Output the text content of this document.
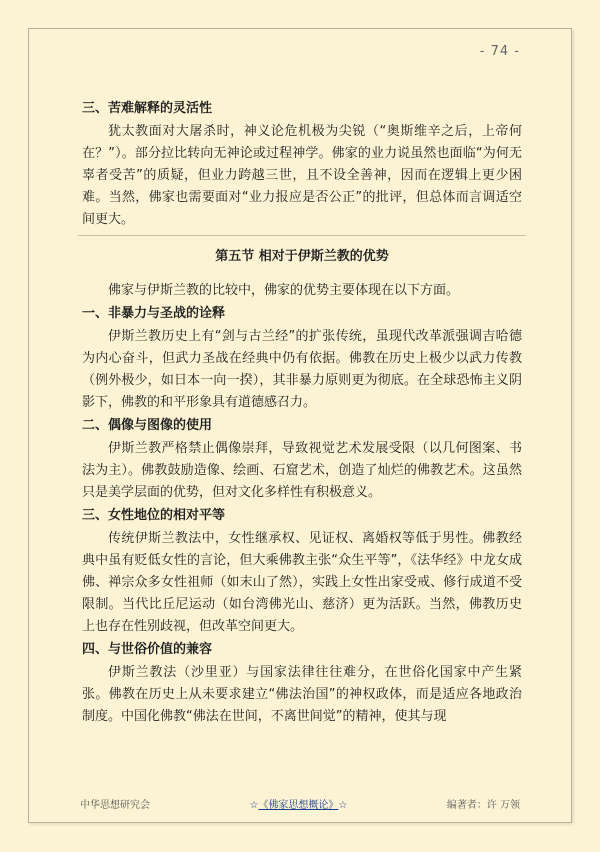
- 74 -

三、苦难解释的灵活性

犹太教面对大屠杀时，神义论危机极为尖锐（“奥斯维辛之后，上帝何在？”）。部分拉比转向无神论或过程神学。佛家的业力说虽然也面临“为何无辜者受苦”的质疑，但业力跨越三世，且不设全善神，因而在逻辑上更少困难。当然，佛家也需要面对“业力报应是否公正”的批评，但总体而言调适空间更大。

第五节 相对于伊斯兰教的优势

佛家与伊斯兰教的比较中，佛家的优势主要体现在以下方面。

一、非暴力与圣战的诠释

伊斯兰教历史上有“剑与古兰经”的扩张传统，虽现代改革派强调吉哈德为内心奋斗，但武力圣战在经典中仍有依据。佛教在历史上极少以武力传教（例外极少，如日本一向一揆），其非暴力原则更为彻底。在全球恐怖主义阴影下，佛教的和平形象具有道德感召力。

二、偶像与图像的使用

伊斯兰教严格禁止偶像崇拜，导致视觉艺术发展受限（以几何图案、书法为主）。佛教鼓励造像、绘画、石窟艺术，创造了灿烂的佛教艺术。这虽然只是美学层面的优势，但对文化多样性有积极意义。

三、女性地位的相对平等

传统伊斯兰教法中，女性继承权、见证权、离婚权等低于男性。佛教经典中虽有贬低女性的言论，但大乘佛教主张“众生平等”，《法华经》中龙女成佛、禅宗众多女性祖师（如末山了然），实践上女性出家受戒、修行成道不受限制。当代比丘尼运动（如台湾佛光山、慈济）更为活跃。当然，佛教历史上也存在性别歧视，但改革空间更大。

四、与世俗价值的兼容

伊斯兰教法（沙里亚）与国家法律往往难分，在世俗化国家中产生紧张。佛教在历史上从未要求建立“佛法治国”的神权政体，而是适应各地政治制度。中国化佛教“佛法在世间，不离世间觉”的精神，使其与现

中华思想研究会	☆《佛家思想概论》☆	编著者：许 万领
